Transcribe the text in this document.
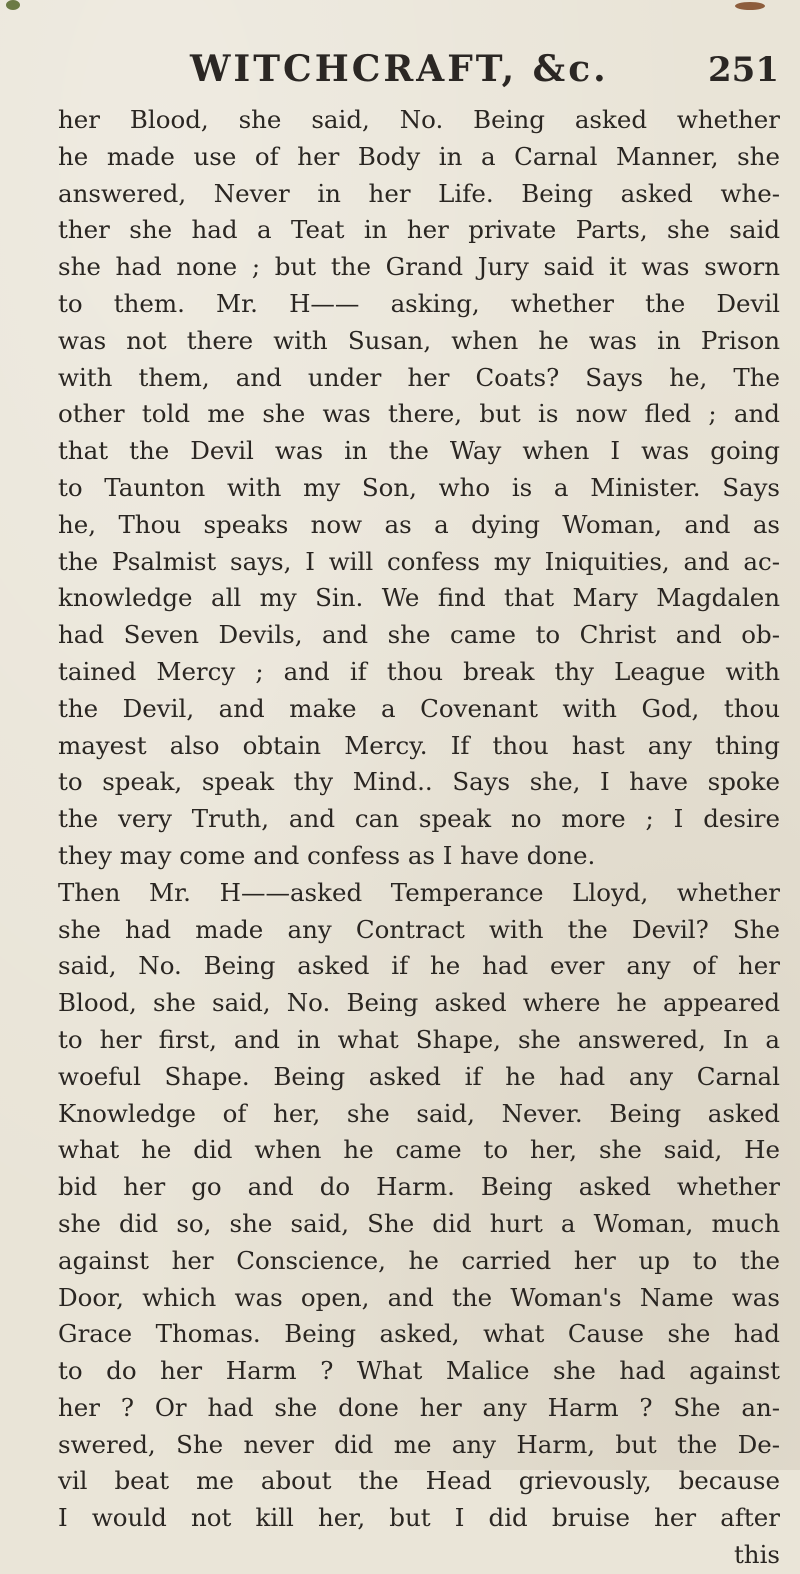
WITCHCRAFT, &c.	251
her Blood, she said, No. Being asked whether
he made use of her Body in a Carnal Manner, she
answered, Never in her Life. Being asked whe-
ther she had a Teat in her private Parts, she said
she had none ; but the Grand Jury said it was sworn
to them. Mr. H—— asking, whether the Devil
was not there with Susan, when he was in Prison
with them, and under her Coats? Says he, The
other told me she was there, but is now fled ; and
that the Devil was in the Way when I was going
to Taunton with my Son, who is a Minister. Says
he, Thou speaks now as a dying Woman, and as
the Psalmist says, I will confess my Iniquities, and ac-
knowledge all my Sin. We find that Mary Magdalen
had Seven Devils, and she came to Christ and ob-
tained Mercy ; and if thou break thy League with
the Devil, and make a Covenant with God, thou
mayest also obtain Mercy. If thou hast any thing
to speak, speak thy Mind.. Says she, I have spoke
the very Truth, and can speak no more ; I desire
they may come and confess as I have done.
Then Mr. H——asked Temperance Lloyd, whether
she had made any Contract with the Devil? She
said, No. Being asked if he had ever any of her
Blood, she said, No. Being asked where he appeared
to her first, and in what Shape, she answered, In a
woeful Shape. Being asked if he had any Carnal
Knowledge of her, she said, Never. Being asked
what he did when he came to her, she said, He
bid her go and do Harm. Being asked whether
she did so, she said, She did hurt a Woman, much
against her Conscience, he carried her up to the
Door, which was open, and the Woman's Name was
Grace Thomas. Being asked, what Cause she had
to do her Harm ? What Malice she had against
her ? Or had she done her any Harm ? She an-
swered, She never did me any Harm, but the De-
vil beat me about the Head grievously, because
I would not kill her, but I did bruise her after
this
